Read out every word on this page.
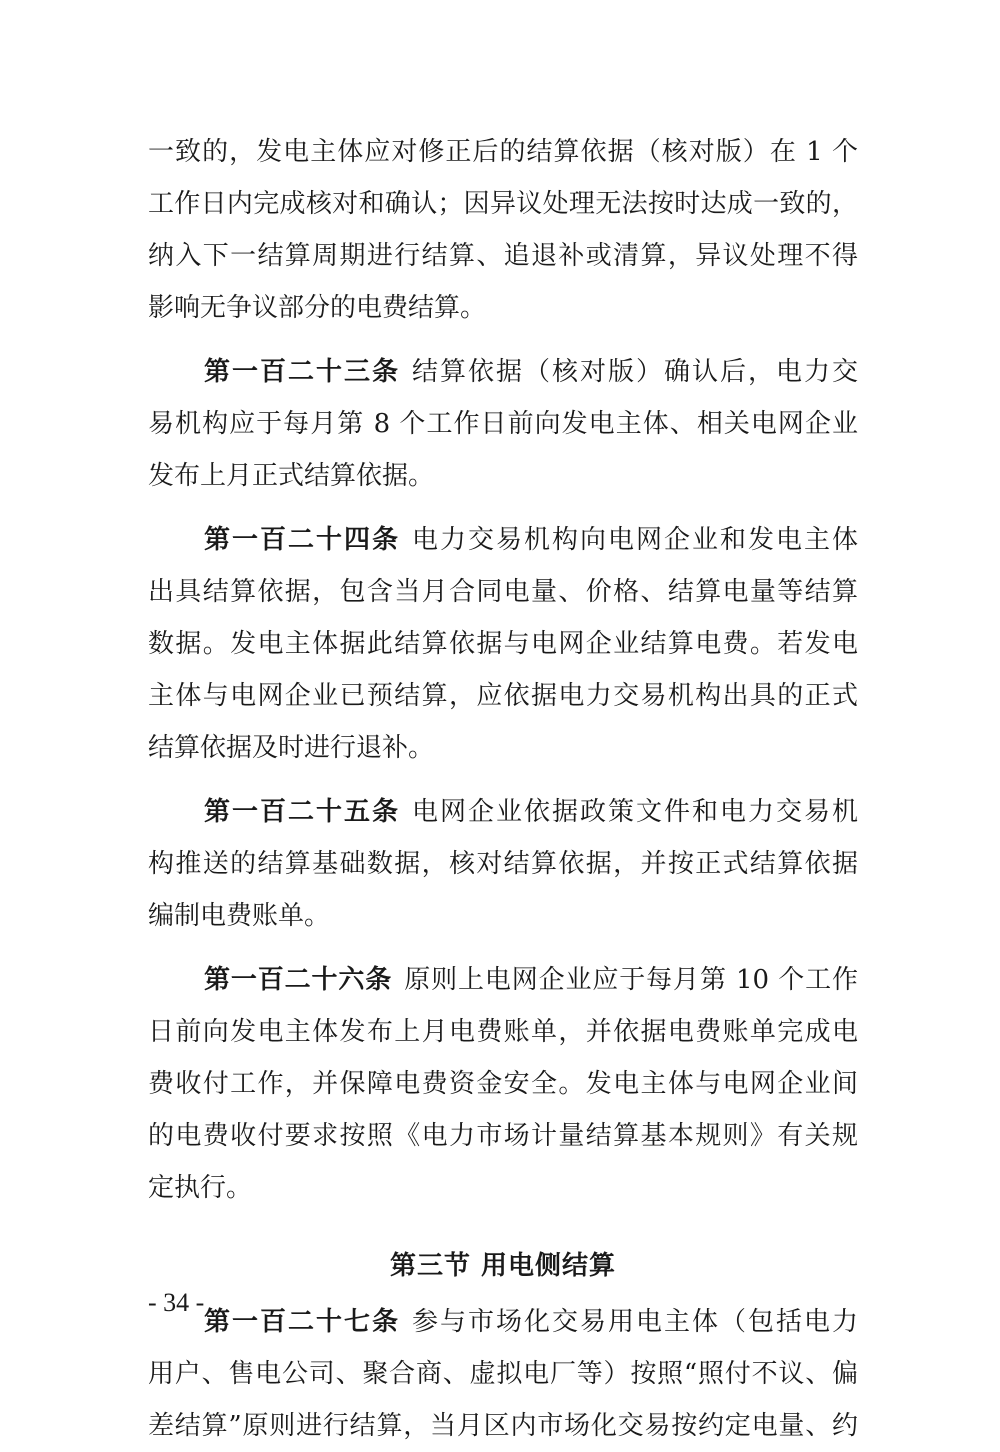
一致的，发电主体应对修正后的结算依据（核对版）在 1 个
工作日内完成核对和确认；因异议处理无法按时达成一致的，
纳入下一结算周期进行结算、追退补或清算，异议处理不得
影响无争议部分的电费结算。
第一百二十三条 结算依据（核对版）确认后，电力交
易机构应于每月第 8 个工作日前向发电主体、相关电网企业
发布上月正式结算依据。
第一百二十四条 电力交易机构向电网企业和发电主体
出具结算依据，包含当月合同电量、价格、结算电量等结算
数据。发电主体据此结算依据与电网企业结算电费。若发电
主体与电网企业已预结算，应依据电力交易机构出具的正式
结算依据及时进行退补。
第一百二十五条 电网企业依据政策文件和电力交易机
构推送的结算基础数据，核对结算依据，并按正式结算依据
编制电费账单。
第一百二十六条 原则上电网企业应于每月第 10 个工作
日前向发电主体发布上月电费账单，并依据电费账单完成电
费收付工作，并保障电费资金安全。发电主体与电网企业间
的电费收付要求按照《电力市场计量结算基本规则》有关规
定执行。
第三节 用电侧结算
第一百二十七条 参与市场化交易用电主体（包括电力
用户、售电公司、聚合商、虚拟电厂等）按照“照付不议、偏
差结算”原则进行结算，当月区内市场化交易按约定电量、约
- 34 -
